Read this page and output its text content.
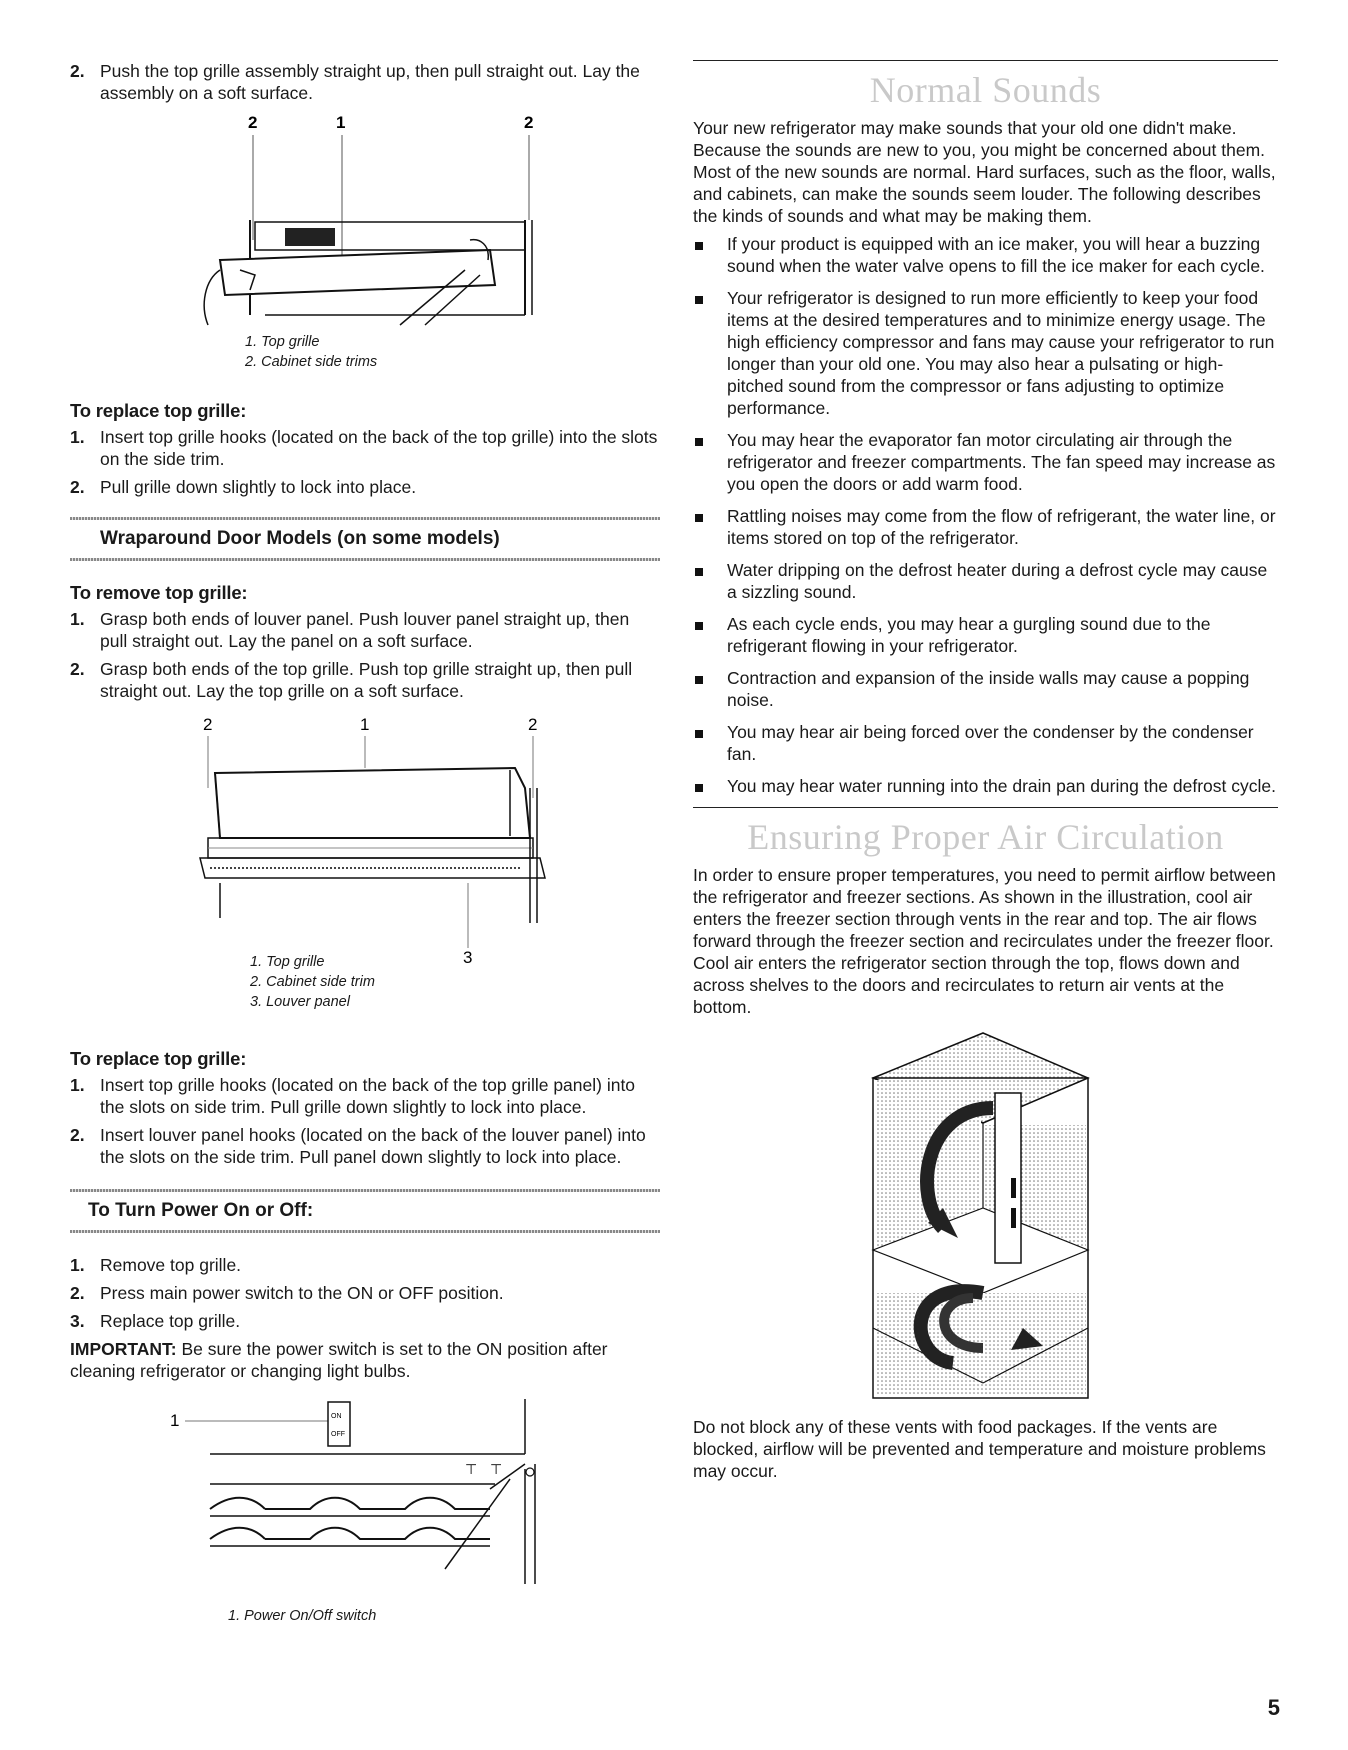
2. Push the top grille assembly straight up, then pull straight out. Lay the assembly on a soft surface.
2	1	2
1. Top grille
2. Cabinet side trims
To replace top grille:
1. Insert top grille hooks (located on the back of the top grille) into the slots on the side trim.
2. Pull grille down slightly to lock into place.
Wraparound Door Models (on some models)
To remove top grille:
1. Grasp both ends of louver panel. Push louver panel straight up, then pull straight out. Lay the panel on a soft surface.
2. Grasp both ends of the top grille. Push top grille straight up, then pull straight out. Lay the top grille on a soft surface.
2	1	2
3
1. Top grille
2. Cabinet side trim
3. Louver panel
To replace top grille:
1. Insert top grille hooks (located on the back of the top grille panel) into the slots on side trim. Pull grille down slightly to lock into place.
2. Insert louver panel hooks (located on the back of the louver panel) into the slots on the side trim. Pull panel down slightly to lock into place.
To Turn Power On or Off:
1. Remove top grille.
2. Press main power switch to the ON or OFF position.
3. Replace top grille.
IMPORTANT: Be sure the power switch is set to the ON position after cleaning refrigerator or changing light bulbs.
1	ON
OFF
⊤ ⊤
1. Power On/Off switch
Normal Sounds
Your new refrigerator may make sounds that your old one didn't make. Because the sounds are new to you, you might be concerned about them. Most of the new sounds are normal. Hard surfaces, such as the floor, walls, and cabinets, can make the sounds seem louder. The following describes the kinds of sounds and what may be making them.
If your product is equipped with an ice maker, you will hear a buzzing sound when the water valve opens to fill the ice maker for each cycle.
Your refrigerator is designed to run more efficiently to keep your food items at the desired temperatures and to minimize energy usage. The high efficiency compressor and fans may cause your refrigerator to run longer than your old one. You may also hear a pulsating or high-pitched sound from the compressor or fans adjusting to optimize performance.
You may hear the evaporator fan motor circulating air through the refrigerator and freezer compartments. The fan speed may increase as you open the doors or add warm food.
Rattling noises may come from the flow of refrigerant, the water line, or items stored on top of the refrigerator.
Water dripping on the defrost heater during a defrost cycle may cause a sizzling sound.
As each cycle ends, you may hear a gurgling sound due to the refrigerant flowing in your refrigerator.
Contraction and expansion of the inside walls may cause a popping noise.
You may hear air being forced over the condenser by the condenser fan.
You may hear water running into the drain pan during the defrost cycle.
Ensuring Proper Air Circulation
In order to ensure proper temperatures, you need to permit airflow between the refrigerator and freezer sections. As shown in the illustration, cool air enters the freezer section through vents in the rear and top. The air flows forward through the freezer section and recirculates under the freezer floor. Cool air enters the refrigerator section through the top, flows down and across shelves to the doors and recirculates to return air vents at the bottom.
Do not block any of these vents with food packages. If the vents are blocked, airflow will be prevented and temperature and moisture problems may occur.
5
